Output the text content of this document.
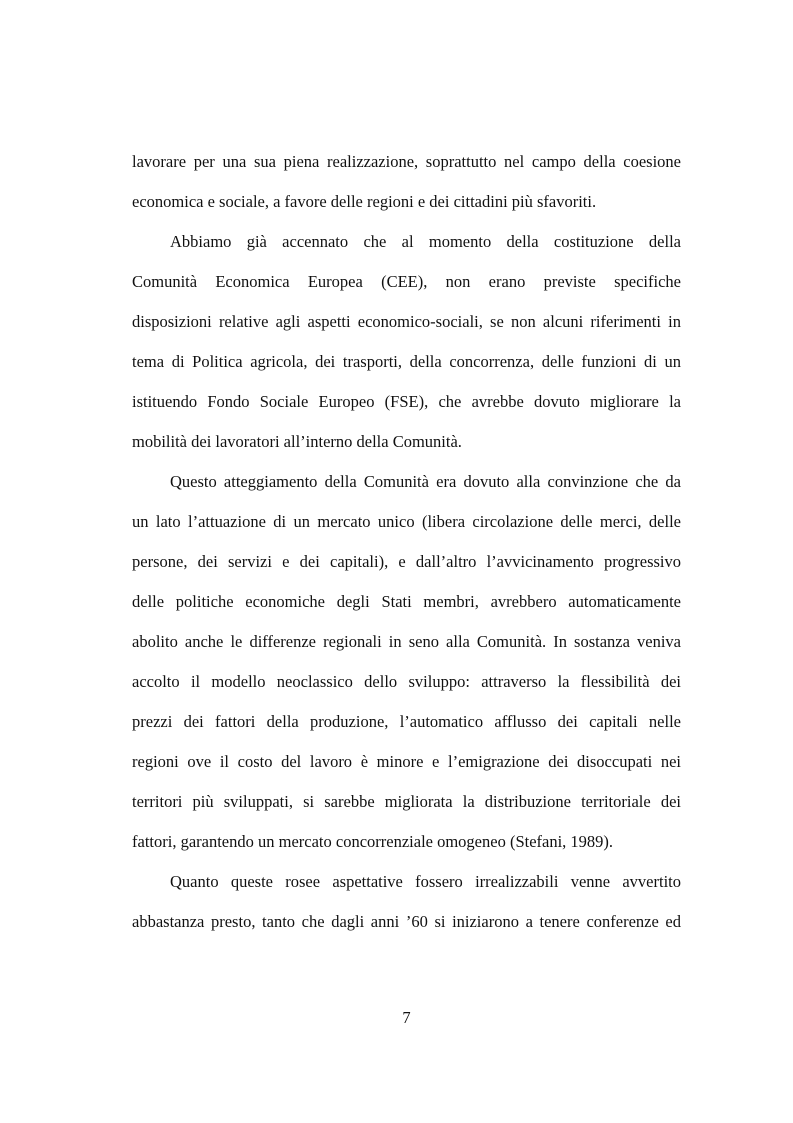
lavorare per una sua piena realizzazione, soprattutto nel campo della coesione
economica e sociale, a favore delle regioni e dei cittadini più sfavoriti.
Abbiamo già accennato che al momento della costituzione della
Comunità Economica Europea (CEE), non erano previste specifiche
disposizioni relative agli aspetti economico-sociali, se non alcuni riferimenti in
tema di Politica agricola, dei trasporti, della concorrenza, delle funzioni di un
istituendo Fondo Sociale Europeo (FSE), che avrebbe dovuto migliorare la
mobilità dei lavoratori all’interno della Comunità.
Questo atteggiamento della Comunità era dovuto alla convinzione che da
un lato l’attuazione di un mercato unico (libera circolazione delle merci, delle
persone, dei servizi e dei capitali), e dall’altro l’avvicinamento progressivo
delle politiche economiche degli Stati membri, avrebbero automaticamente
abolito anche le differenze regionali in seno alla Comunità. In sostanza veniva
accolto il modello neoclassico dello sviluppo: attraverso la flessibilità dei
prezzi dei fattori della produzione, l’automatico afflusso dei capitali nelle
regioni ove il costo del lavoro è minore e l’emigrazione dei disoccupati nei
territori più sviluppati, si sarebbe migliorata la distribuzione territoriale dei
fattori, garantendo un mercato concorrenziale omogeneo (Stefani, 1989).
Quanto queste rosee aspettative fossero irrealizzabili venne avvertito
abbastanza presto, tanto che dagli anni ’60 si iniziarono a tenere conferenze ed
7
